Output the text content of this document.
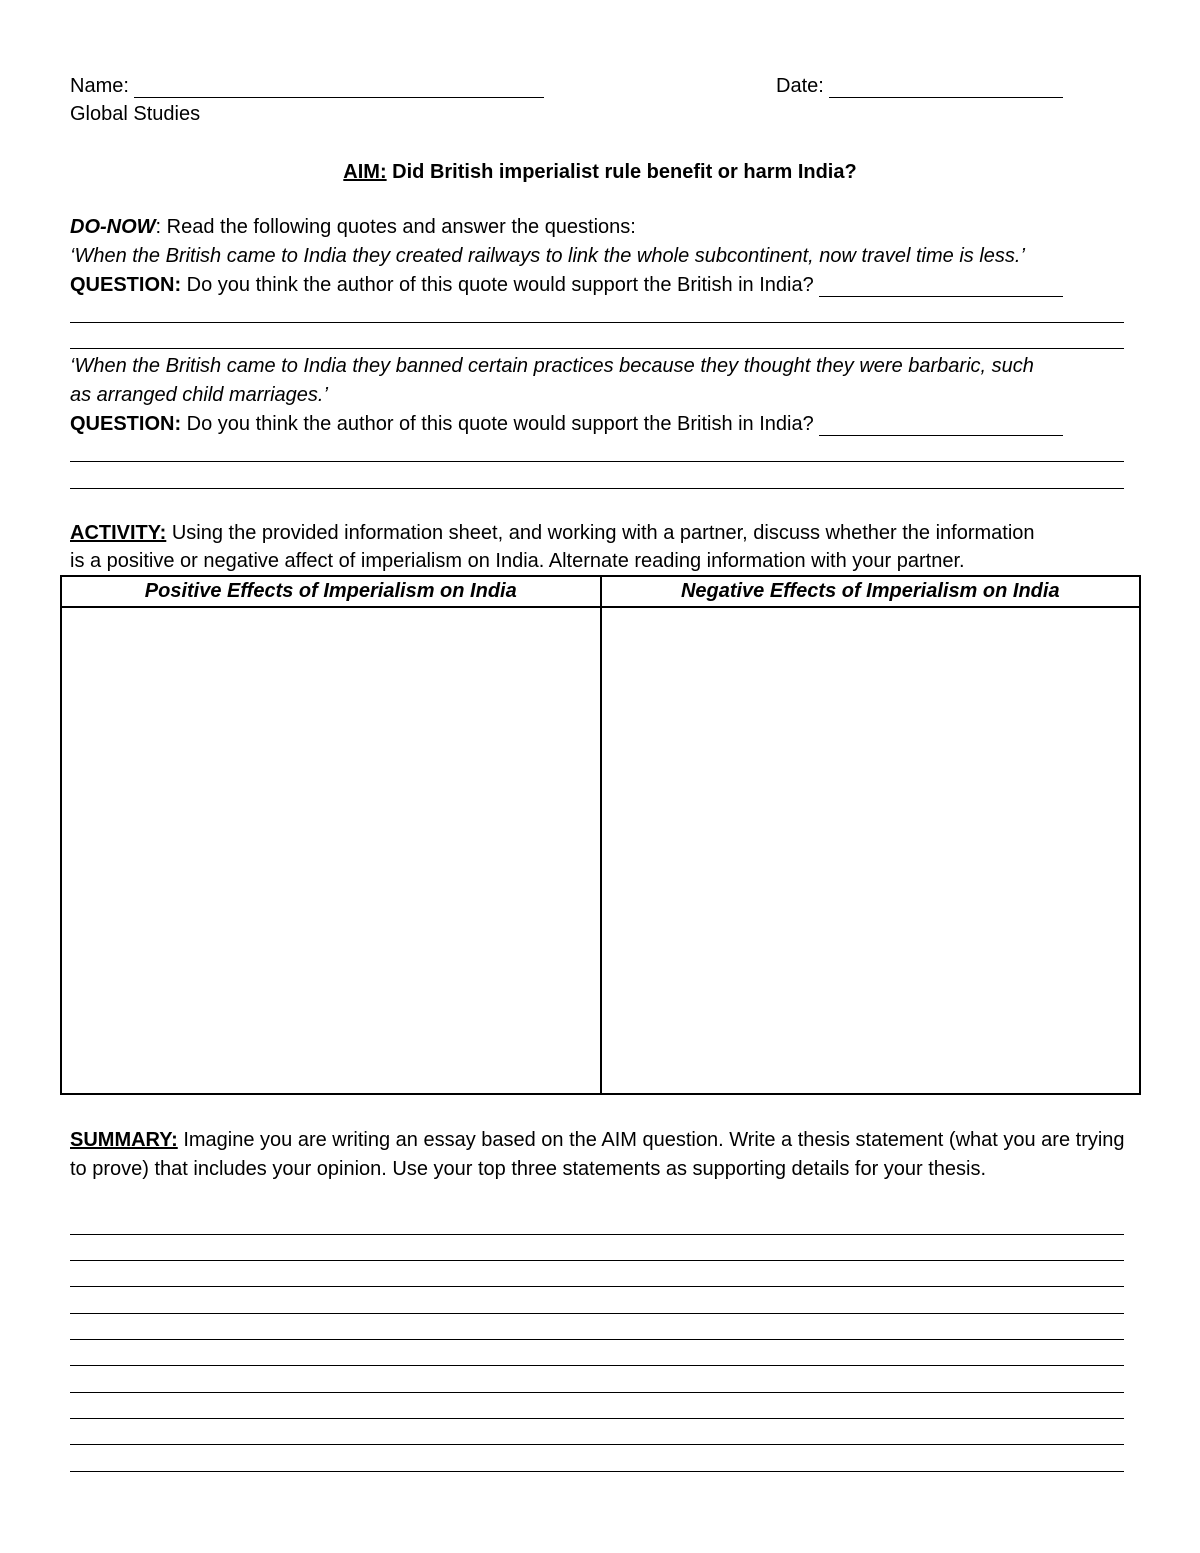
Name:	Date:
Global Studies
AIM: Did British imperialist rule benefit or harm India?
DO-NOW: Read the following quotes and answer the questions:
‘When the British came to India they created railways to link the whole subcontinent, now travel time is less.’
QUESTION: Do you think the author of this quote would support the British in India?
‘When the British came to India they banned certain practices because they thought they were barbaric, such
as arranged child marriages.’
QUESTION: Do you think the author of this quote would support the British in India?
ACTIVITY: Using the provided information sheet, and working with a partner, discuss whether the information
is a positive or negative affect of imperialism on India. Alternate reading information with your partner.
Positive Effects of Imperialism on India	Negative Effects of Imperialism on India

SUMMARY: Imagine you are writing an essay based on the AIM question. Write a thesis statement (what you are trying to prove) that includes your opinion. Use your top three statements as supporting details for your thesis.
